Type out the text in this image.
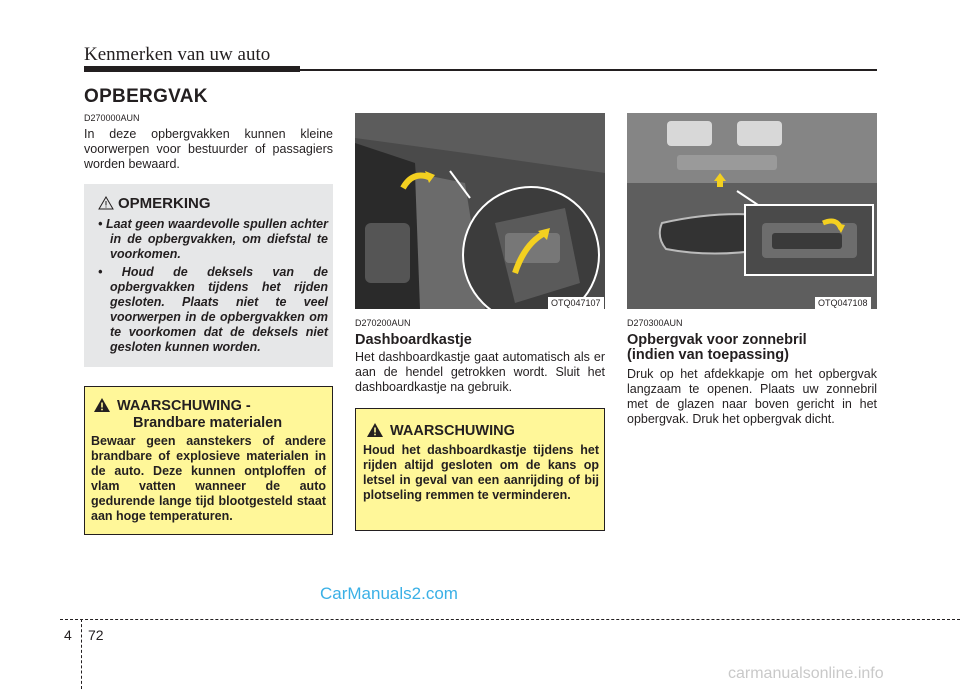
Kenmerken van uw auto
OPBERGVAK
D270000AUN
In deze opbergvakken kunnen kleine voorwerpen voor bestuurder of passagiers worden bewaard.
OPMERKING
• Laat geen waardevolle spullen achter in de opbergvakken, om diefstal te voorkomen.
• Houd de deksels van de opbergvakken tijdens het rijden gesloten. Plaats niet te veel voorwerpen in de opbergvakken om te voorkomen dat de deksels niet gesloten kunnen worden.
WAARSCHUWING -
Brandbare materialen
Bewaar geen aanstekers of andere brandbare of explosieve materialen in de auto. Deze kunnen ontploffen of vlam vatten wanneer de auto gedurende lange tijd blootgesteld staat aan hoge temperaturen.
OTQ047107
D270200AUN
Dashboardkastje
Het dashboardkastje gaat automatisch als er aan de hendel getrokken wordt. Sluit het dashboardkastje na gebruik.
WAARSCHUWING
Houd het dashboardkastje tijdens het rijden altijd gesloten om de kans op letsel in geval van een aanrijding of bij plotseling remmen te verminderen.
OTQ047108
D270300AUN
Opbergvak voor zonnebril
(indien van toepassing)
Druk op het afdekkapje om het opbergvak langzaam te openen. Plaats uw zonnebril met de glazen naar boven gericht in het opbergvak. Druk het opbergvak dicht.
CarManuals2.com
carmanualsonline.info
4 72
